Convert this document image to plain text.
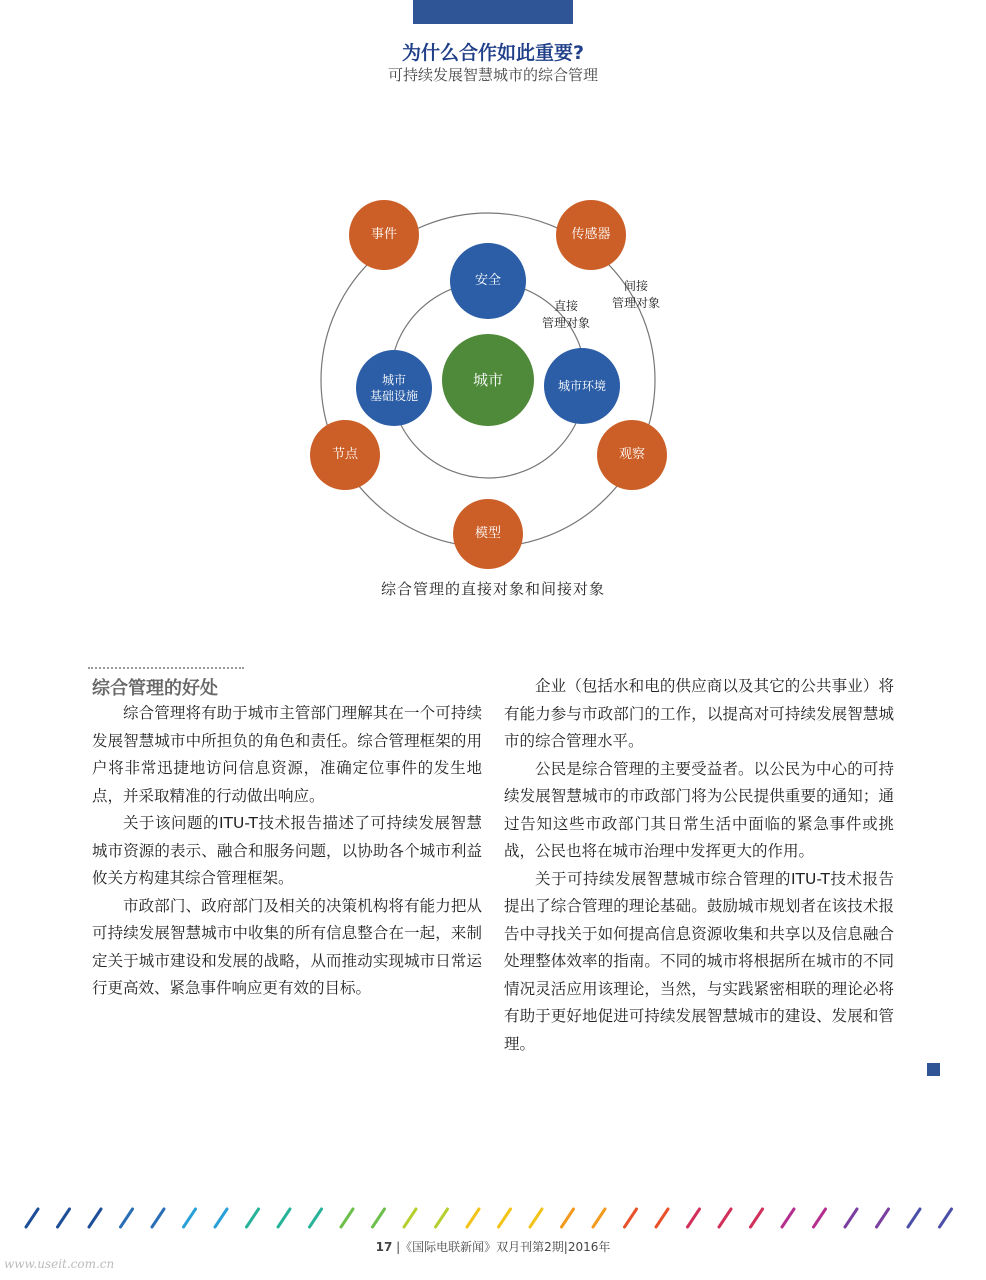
为什么合作如此重要?
可持续发展智慧城市的综合管理
城市
安全
城市
基础设施
城市环境
事件	传感器
观察
模型
节点
直接
管理对象
间接
管理对象
综合管理的直接对象和间接对象
综合管理的好处

综合管理将有助于城市主管部门理解其在一个可持续发展智慧城市中所担负的角色和责任。综合管理框架的用户将非常迅捷地访问信息资源，准确定位事件的发生地点，并采取精准的行动做出响应。

关于该问题的ITU-T技术报告描述了可持续发展智慧城市资源的表示、融合和服务问题，以协助各个城市利益攸关方构建其综合管理框架。

市政部门、政府部门及相关的决策机构将有能力把从可持续发展智慧城市中收集的所有信息整合在一起，来制定关于城市建设和发展的战略，从而推动实现城市日常运行更高效、紧急事件响应更有效的目标。

企业（包括水和电的供应商以及其它的公共事业）将有能力参与市政部门的工作，以提高对可持续发展智慧城市的综合管理水平。

公民是综合管理的主要受益者。以公民为中心的可持续发展智慧城市的市政部门将为公民提供重要的通知；通过告知这些市政部门其日常生活中面临的紧急事件或挑战，公民也将在城市治理中发挥更大的作用。

关于可持续发展智慧城市综合管理的ITU-T技术报告提出了综合管理的理论基础。鼓励城市规划者在该技术报告中寻找关于如何提高信息资源收集和共享以及信息融合处理整体效率的指南。不同的城市将根据所在城市的不同情况灵活应用该理论，当然，与实践紧密相联的理论必将有助于更好地促进可持续发展智慧城市的建设、发展和管理。

17 |《国际电联新闻》双月刊第2期|2016年
www.useit.com.cn
